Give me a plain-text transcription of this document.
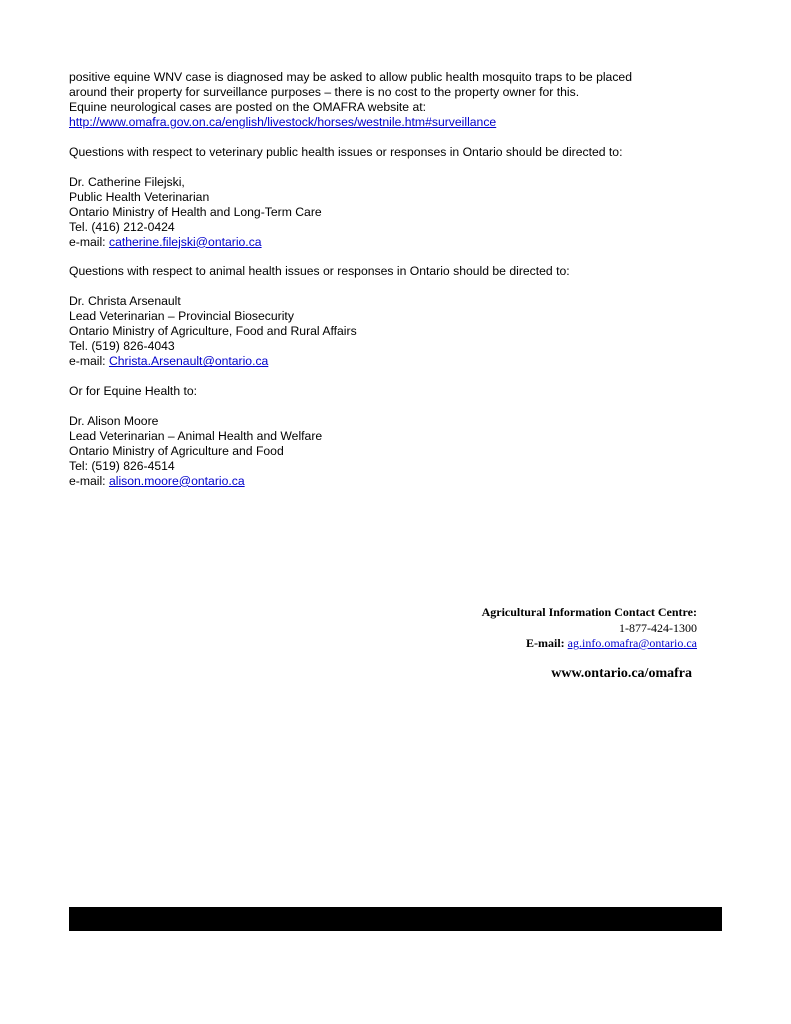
positive equine WNV case is diagnosed may be asked to allow public health mosquito traps to be placed
around their property for surveillance purposes – there is no cost to the property owner for this.
Equine neurological cases are posted on the OMAFRA website at:
http://www.omafra.gov.on.ca/english/livestock/horses/westnile.htm#surveillance
Questions with respect to veterinary public health issues or responses in Ontario should be directed to:
Dr. Catherine Filejski,
Public Health Veterinarian
Ontario Ministry of Health and Long-Term Care
Tel. (416) 212-0424
e-mail: catherine.filejski@ontario.ca
Questions with respect to animal health issues or responses in Ontario should be directed to:
Dr. Christa Arsenault
Lead Veterinarian – Provincial Biosecurity
Ontario Ministry of Agriculture, Food and Rural Affairs
Tel. (519) 826-4043
e-mail: Christa.Arsenault@ontario.ca
Or for Equine Health to:
Dr. Alison Moore
Lead Veterinarian – Animal Health and Welfare
Ontario Ministry of Agriculture and Food
Tel: (519) 826-4514
e-mail: alison.moore@ontario.ca
Agricultural Information Contact Centre:
1-877-424-1300
E-mail: ag.info.omafra@ontario.ca
www.ontario.ca/omafra
